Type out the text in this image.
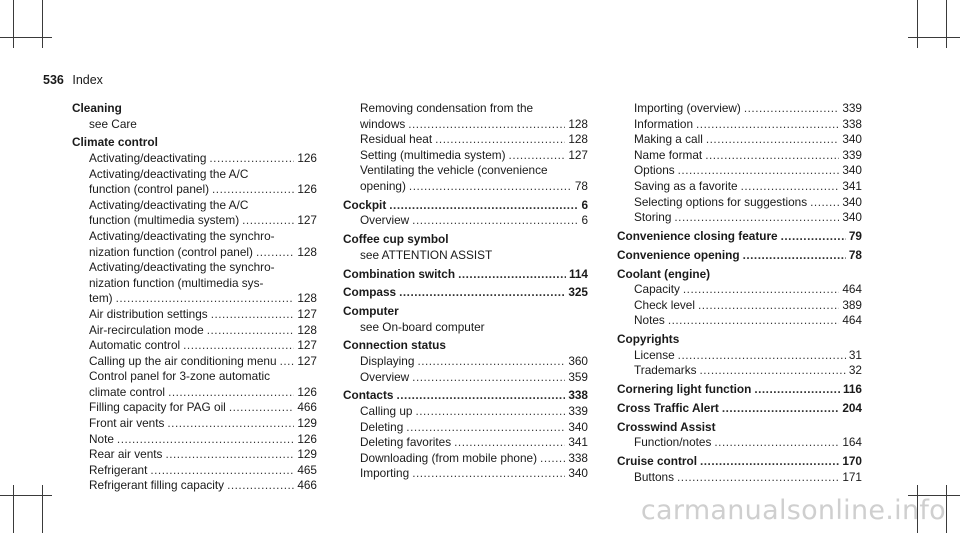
536 Index
Cleaning
see Care
Climate control
Activating/deactivating .....	126
Activating/deactivating the A/C
function (control panel) .....	126
Activating/deactivating the A/C
function (multimedia system) .....	127
Activating/deactivating the synchro-
nization function (control panel) .....	128
Activating/deactivating the synchro-
nization function (multimedia sys-
tem) .....	128
Air distribution settings .....	127
Air-recirculation mode .....	128
Automatic control .....	127
Calling up the air conditioning menu ..... 127
Control panel for 3-zone automatic
climate control .....	126
Filling capacity for PAG oil .....	466
Front air vents .....	129
Note .....	126
Rear air vents .....	129
Refrigerant .....	465
Refrigerant filling capacity .....	466
Removing condensation from the
windows .....	128
Residual heat .....	128
Setting (multimedia system) .....	127
Ventilating the vehicle (convenience
opening) .....	78
Cockpit .....	6
Overview .....	6
Coffee cup symbol
see ATTENTION ASSIST
Combination switch .....	114
Compass .....	325
Computer
see On-board computer
Connection status
Displaying .....	360
Overview .....	359
Contacts .....	338
Calling up .....	339
Deleting .....	340
Deleting favorites .....	341
Downloading (from mobile phone) .....	338
Importing .....	340
Importing (overview) .....	339
Information .....	338
Making a call .....	340
Name format .....	339
Options .....	340
Saving as a favorite .....	341
Selecting options for suggestions .....	340
Storing .....	340
Convenience closing feature .....	79
Convenience opening .....	78
Coolant (engine)
Capacity .....	464
Check level .....	389
Notes .....	464
Copyrights
License .....	31
Trademarks .....	32
Cornering light function .....	116
Cross Traffic Alert .....	204
Crosswind Assist
Function/notes .....	164
Cruise control .....	170
Buttons .....	171
carmanualsonline.info
